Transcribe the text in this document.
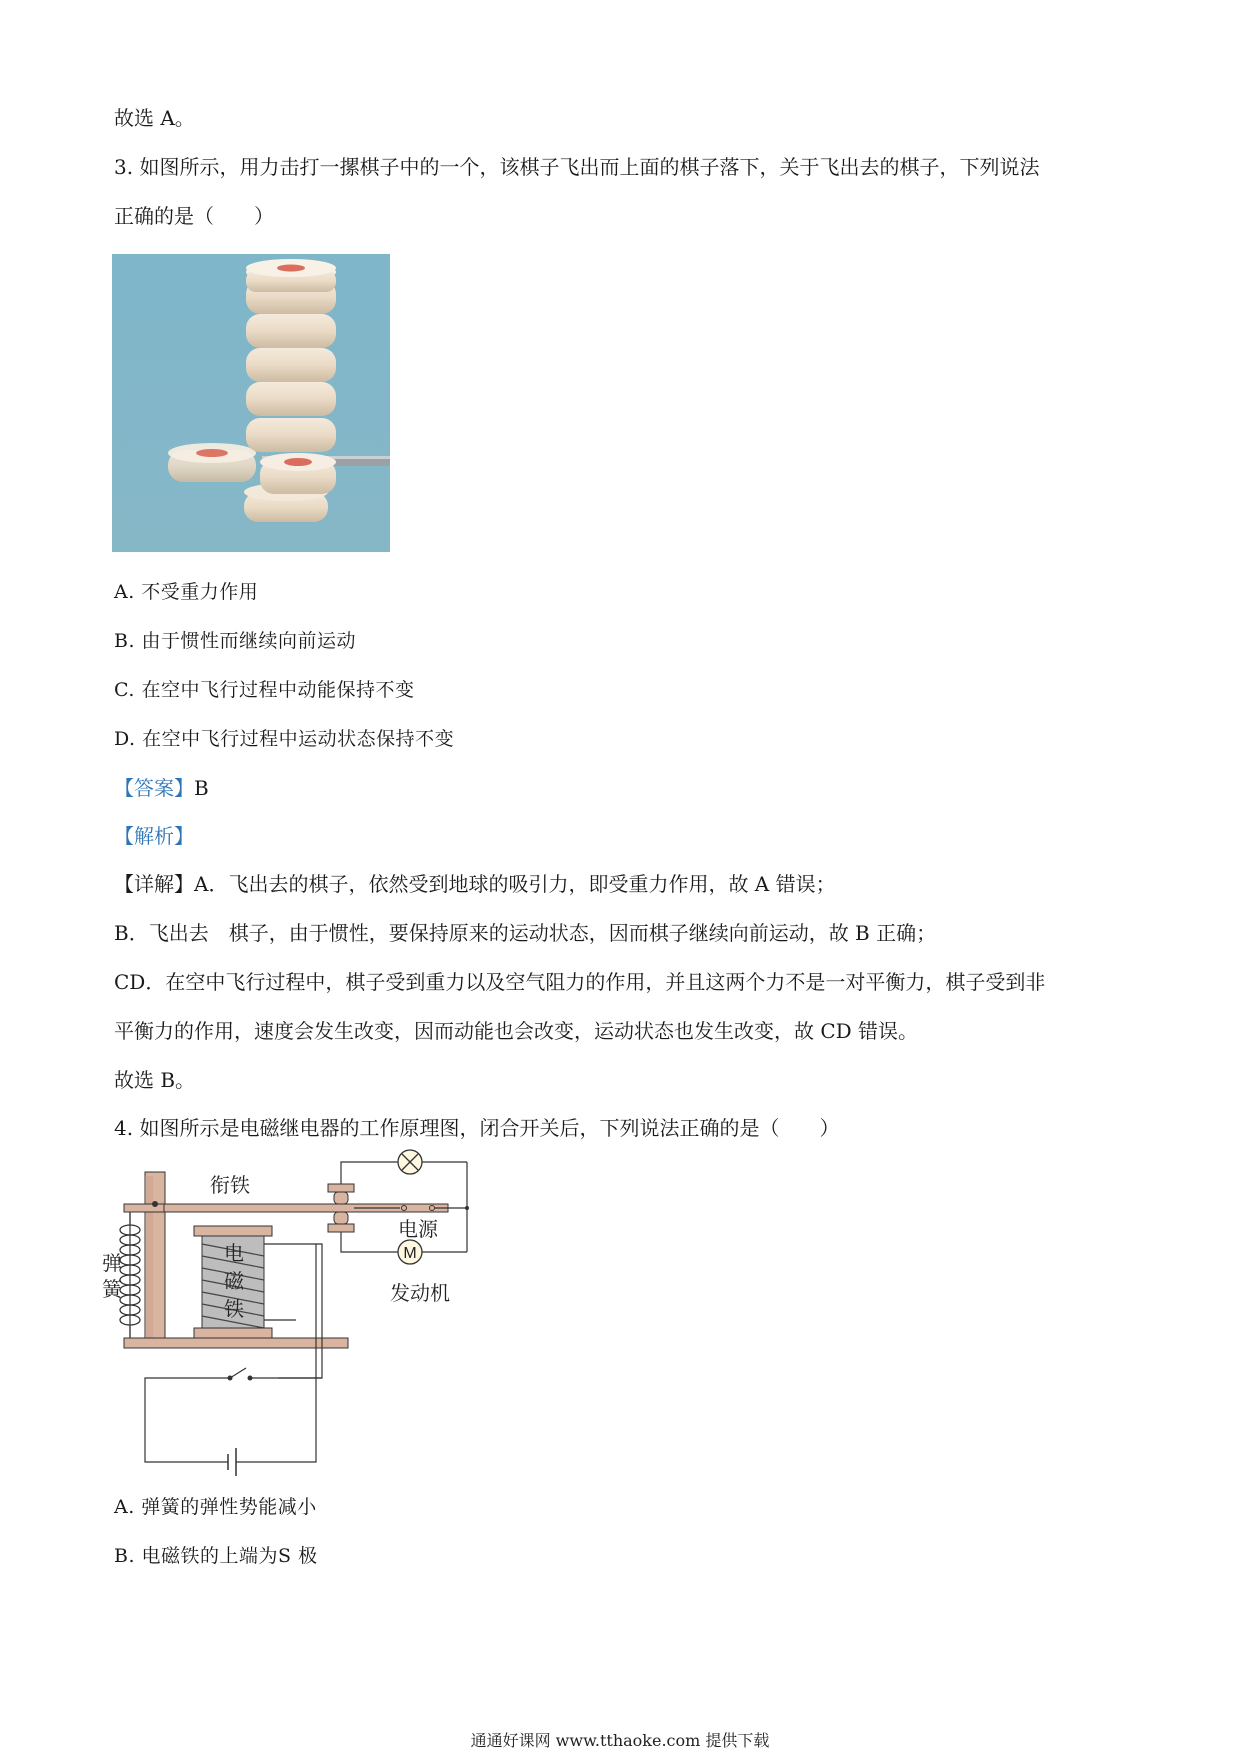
故选 A。
3. 如图所示，用力击打一摞棋子中的一个，该棋子飞出而上面的棋子落下，关于飞出去的棋子，下列说法
正确的是（　　）
A. 不受重力作用
B. 由于惯性而继续向前运动
C. 在空中飞行过程中动能保持不变
D. 在空中飞行过程中运动状态保持不变
【答案】B
【解析】
【详解】A．飞出去的棋子，依然受到地球的吸引力，即受重力作用，故 A 错误；
B．飞出去　棋子，由于惯性，要保持原来的运动状态，因而棋子继续向前运动，故 B 正确；
CD．在空中飞行过程中，棋子受到重力以及空气阻力的作用，并且这两个力不是一对平衡力，棋子受到非
平衡力的作用，速度会发生改变，因而动能也会改变，运动状态也发生改变，故 CD 错误。
故选 B。
4. 如图所示是电磁继电器的工作原理图，闭合开关后，下列说法正确的是（　　）
M
衔铁
电源
发动机
弹
簧
电
磁
铁
A. 弹簧的弹性势能减小
B. 电磁铁的上端为S 极
通通好课网 www.tthaoke.com 提供下载
